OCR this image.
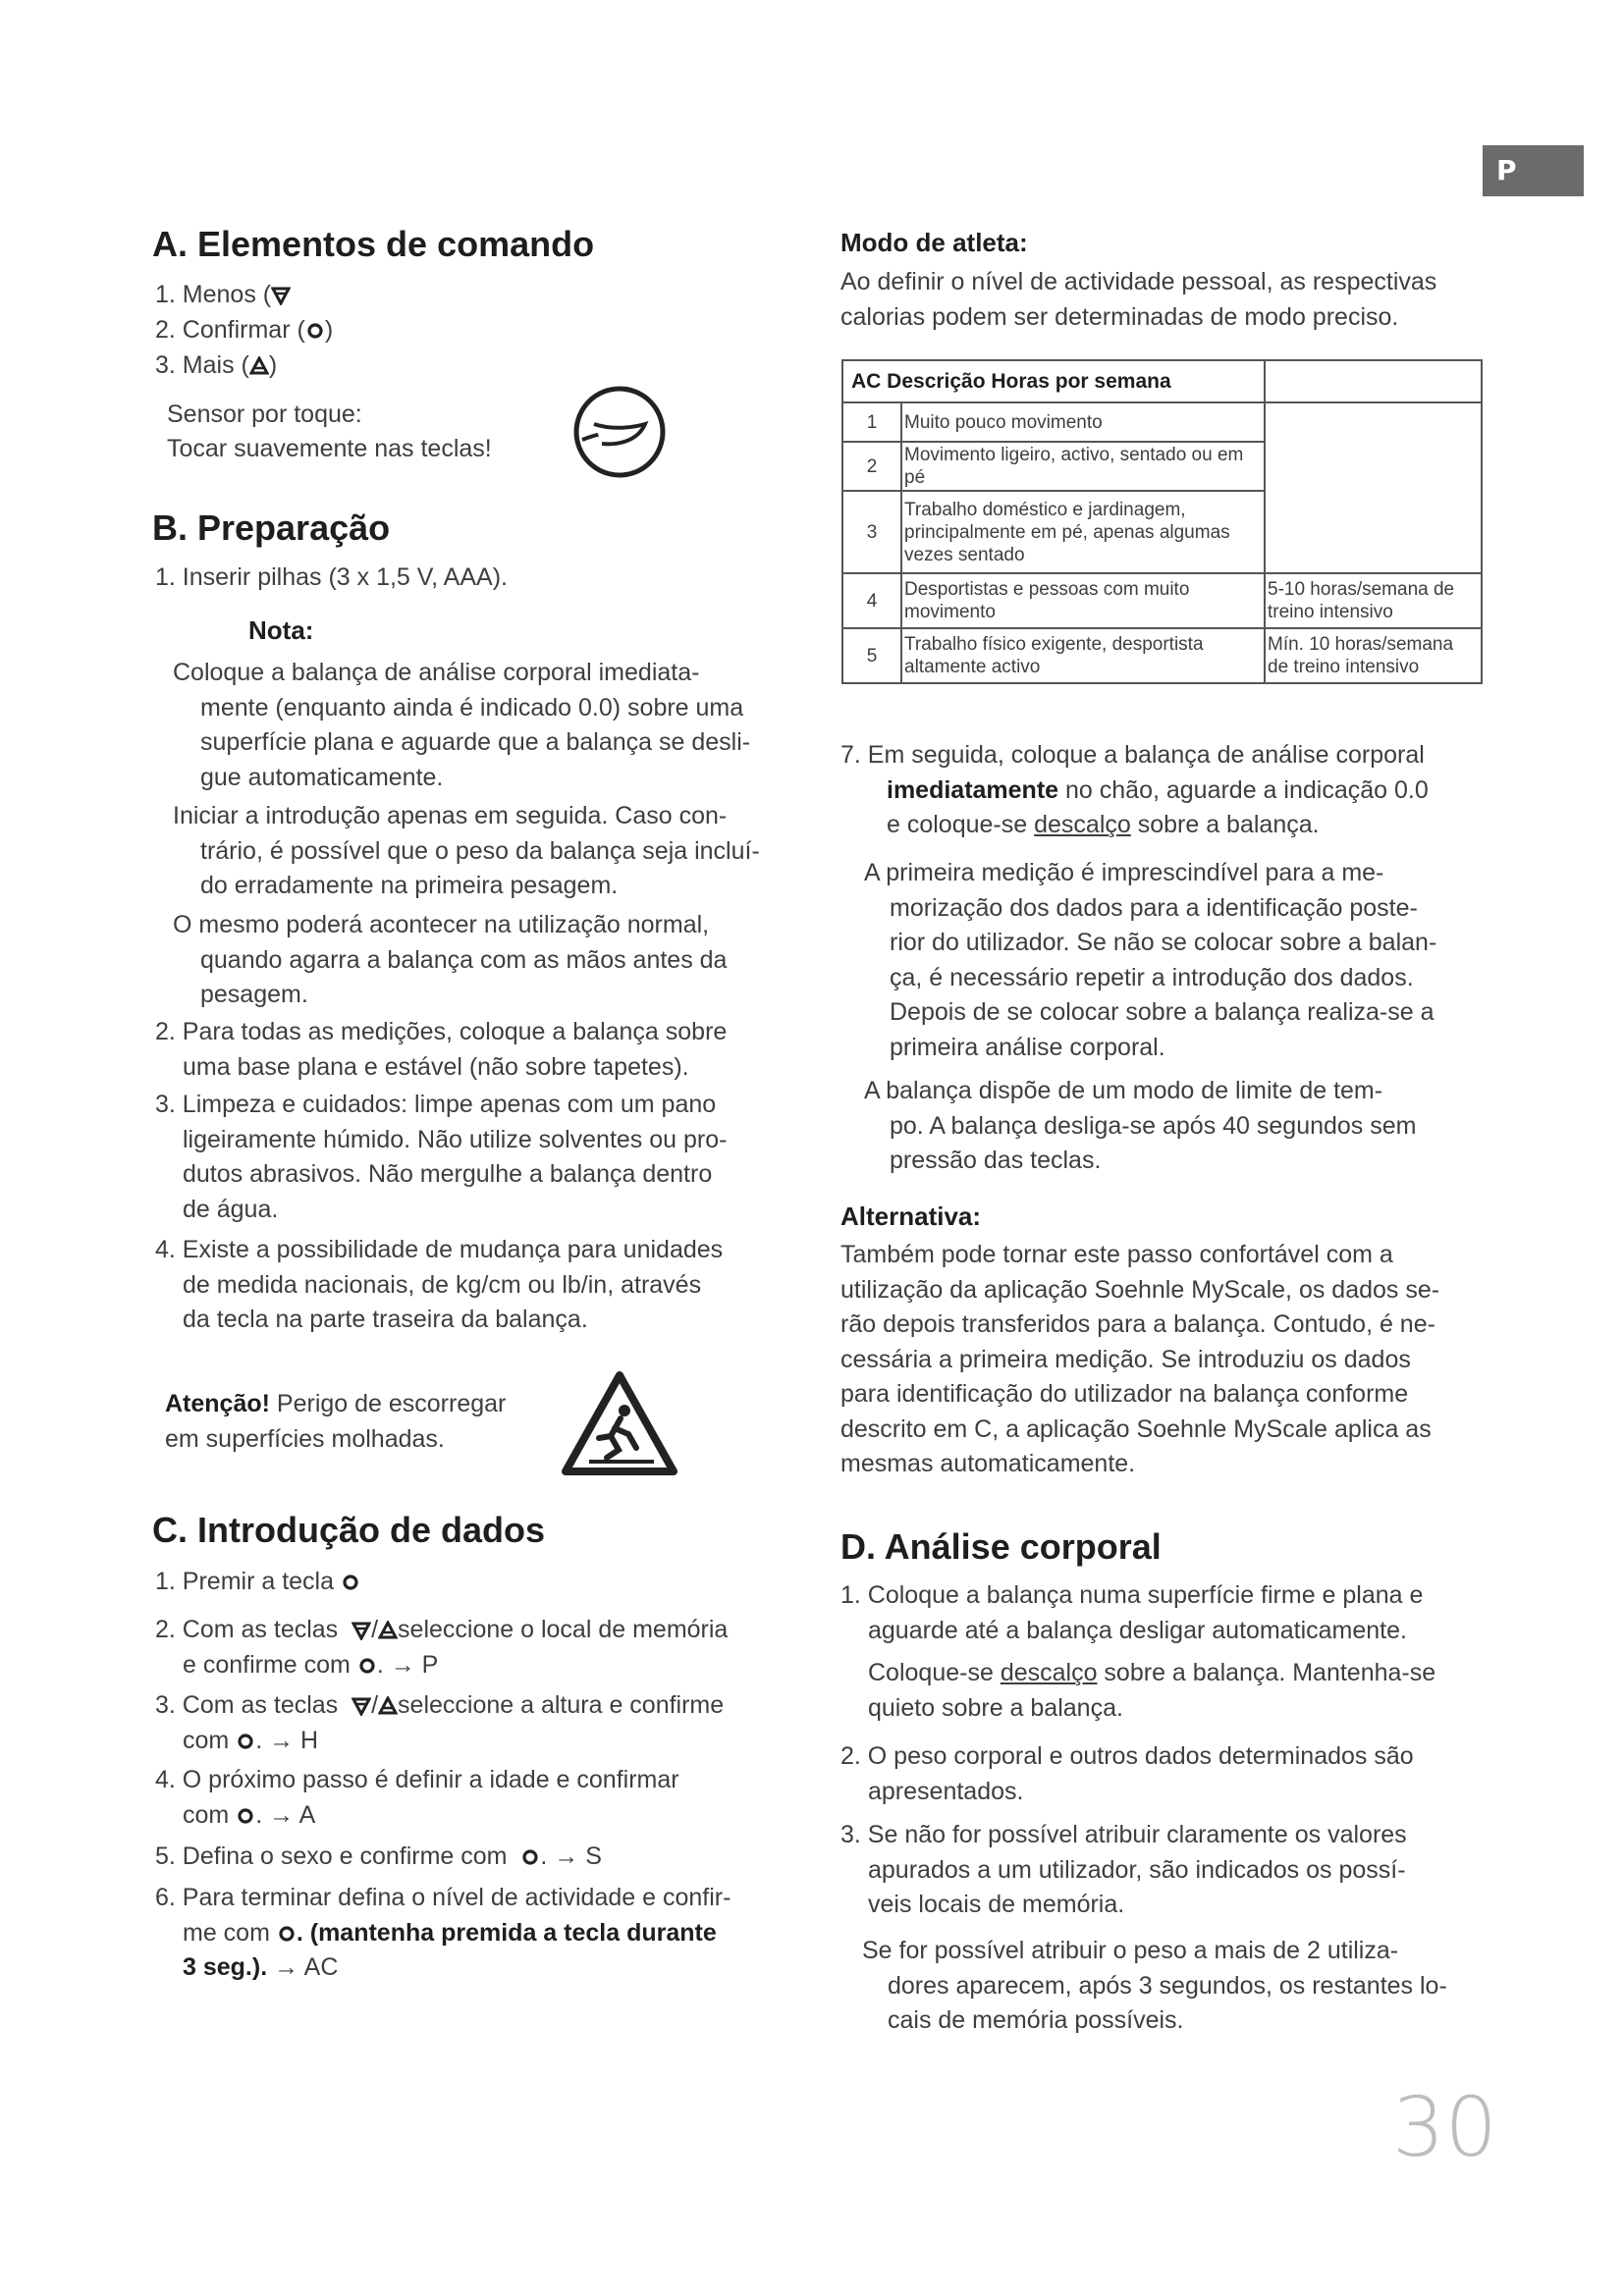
P
A. Elementos de comando
1. Menos (
2. Confirmar ( )
3. Mais ( )
Sensor por toque:
Tocar suavemente nas teclas!
B. Preparação
1. Inserir pilhas (3 x 1,5 V, AAA).
Nota:
Coloque a balança de análise corporal imediata-
mente (enquanto ainda é indicado 0.0) sobre uma
superfície plana e aguarde que a balança se desli-
gue automaticamente.
Iniciar a introdução apenas em seguida. Caso con-
trário, é possível que o peso da balança seja incluí-
do erradamente na primeira pesagem.
O mesmo poderá acontecer na utilização normal,
quando agarra a balança com as mãos antes da
pesagem.
2. Para todas as medições, coloque a balança sobre
uma base plana e estável (não sobre tapetes).
3. Limpeza e cuidados: limpe apenas com um pano
ligeiramente húmido. Não utilize solventes ou pro-
dutos abrasivos. Não mergulhe a balança dentro
de água.
4. Existe a possibilidade de mudança para unidades
de medida nacionais, de kg/cm ou lb/in, através
da tecla na parte traseira da balança.
Atenção! Perigo de escorregar
em superfícies molhadas.
C. Introdução de dados
1. Premir a tecla
2. Com as teclas / seleccione o local de memória
e confirme com . → P
3. Com as teclas / seleccione a altura e confirme
com . → H
4. O próximo passo é definir a idade e confirmar
com . → A
5. Defina o sexo e confirme com . → S
6. Para terminar defina o nível de actividade e confir-
me com . (mantenha premida a tecla durante
3 seg.). → AC
Modo de atleta:
Ao definir o nível de actividade pessoal, as respectivas
calorias podem ser determinadas de modo preciso.
AC Descrição Horas por semana		
1	Muito pouco movimento	
2	Movimento ligeiro, activo, sentado ou em pé	
3	Trabalho doméstico e jardinagem, principalmente em pé, apenas algumas vezes sentado	
4	Desportistas e pessoas com muito movimento	5-10 horas/semana de treino intensivo
5	Trabalho físico exigente, desportista altamente activo	Mín. 10 horas/semana de treino intensivo
7. Em seguida, coloque a balança de análise corporal
imediatamente no chão, aguarde a indicação 0.0
e coloque-se descalço sobre a balança.
A primeira medição é imprescindível para a me-
morização dos dados para a identificação poste-
rior do utilizador. Se não se colocar sobre a balan-
ça, é necessário repetir a introdução dos dados.
Depois de se colocar sobre a balança realiza-se a
primeira análise corporal.
A balança dispõe de um modo de limite de tem-
po. A balança desliga-se após 40 segundos sem
pressão das teclas.
Alternativa:
Também pode tornar este passo confortável com a
utilização da aplicação Soehnle MyScale, os dados se-
rão depois transferidos para a balança. Contudo, é ne-
cessária a primeira medição. Se introduziu os dados
para identificação do utilizador na balança conforme
descrito em C, a aplicação Soehnle MyScale aplica as
mesmas automaticamente.
D. Análise corporal
1. Coloque a balança numa superfície firme e plana e
aguarde até a balança desligar automaticamente.
Coloque-se descalço sobre a balança. Mantenha-se
quieto sobre a balança.
2. O peso corporal e outros dados determinados são
apresentados.
3. Se não for possível atribuir claramente os valores
apurados a um utilizador, são indicados os possí-
veis locais de memória.
Se for possível atribuir o peso a mais de 2 utiliza-
dores aparecem, após 3 segundos, os restantes lo-
cais de memória possíveis.
30
